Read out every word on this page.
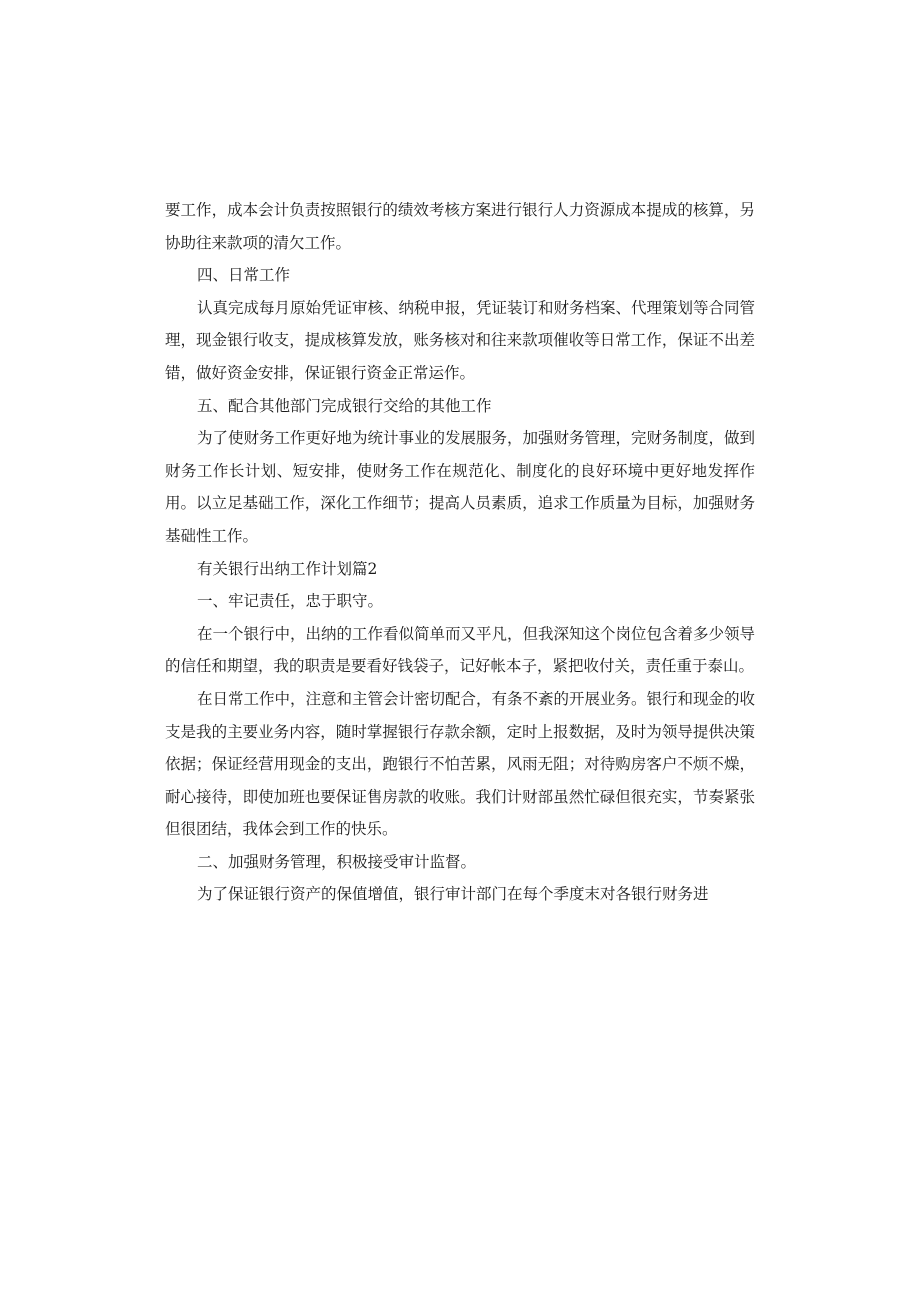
要工作，成本会计负责按照银行的绩效考核方案进行银行人力资源成本提成的核算，另协助往来款项的清欠工作。

四、日常工作

认真完成每月原始凭证审核、纳税申报，凭证装订和财务档案、代理策划等合同管理，现金银行收支，提成核算发放，账务核对和往来款项催收等日常工作，保证不出差错，做好资金安排，保证银行资金正常运作。

五、配合其他部门完成银行交给的其他工作

为了使财务工作更好地为统计事业的发展服务，加强财务管理，完财务制度，做到财务工作长计划、短安排，使财务工作在规范化、制度化的良好环境中更好地发挥作用。以立足基础工作，深化工作细节；提高人员素质，追求工作质量为目标，加强财务基础性工作。

有关银行出纳工作计划篇2

一、牢记责任，忠于职守。

在一个银行中，出纳的工作看似简单而又平凡，但我深知这个岗位包含着多少领导的信任和期望，我的职责是要看好钱袋子，记好帐本子，紧把收付关，责任重于泰山。

在日常工作中，注意和主管会计密切配合，有条不紊的开展业务。银行和现金的收支是我的主要业务内容，随时掌握银行存款余额，定时上报数据，及时为领导提供决策依据；保证经营用现金的支出，跑银行不怕苦累，风雨无阻；对待购房客户不烦不燥，耐心接待，即使加班也要保证售房款的收账。我们计财部虽然忙碌但很充实，节奏紧张但很团结，我体会到工作的快乐。

二、加强财务管理，积极接受审计监督。

为了保证银行资产的保值增值，银行审计部门在每个季度末对各银行财务进
